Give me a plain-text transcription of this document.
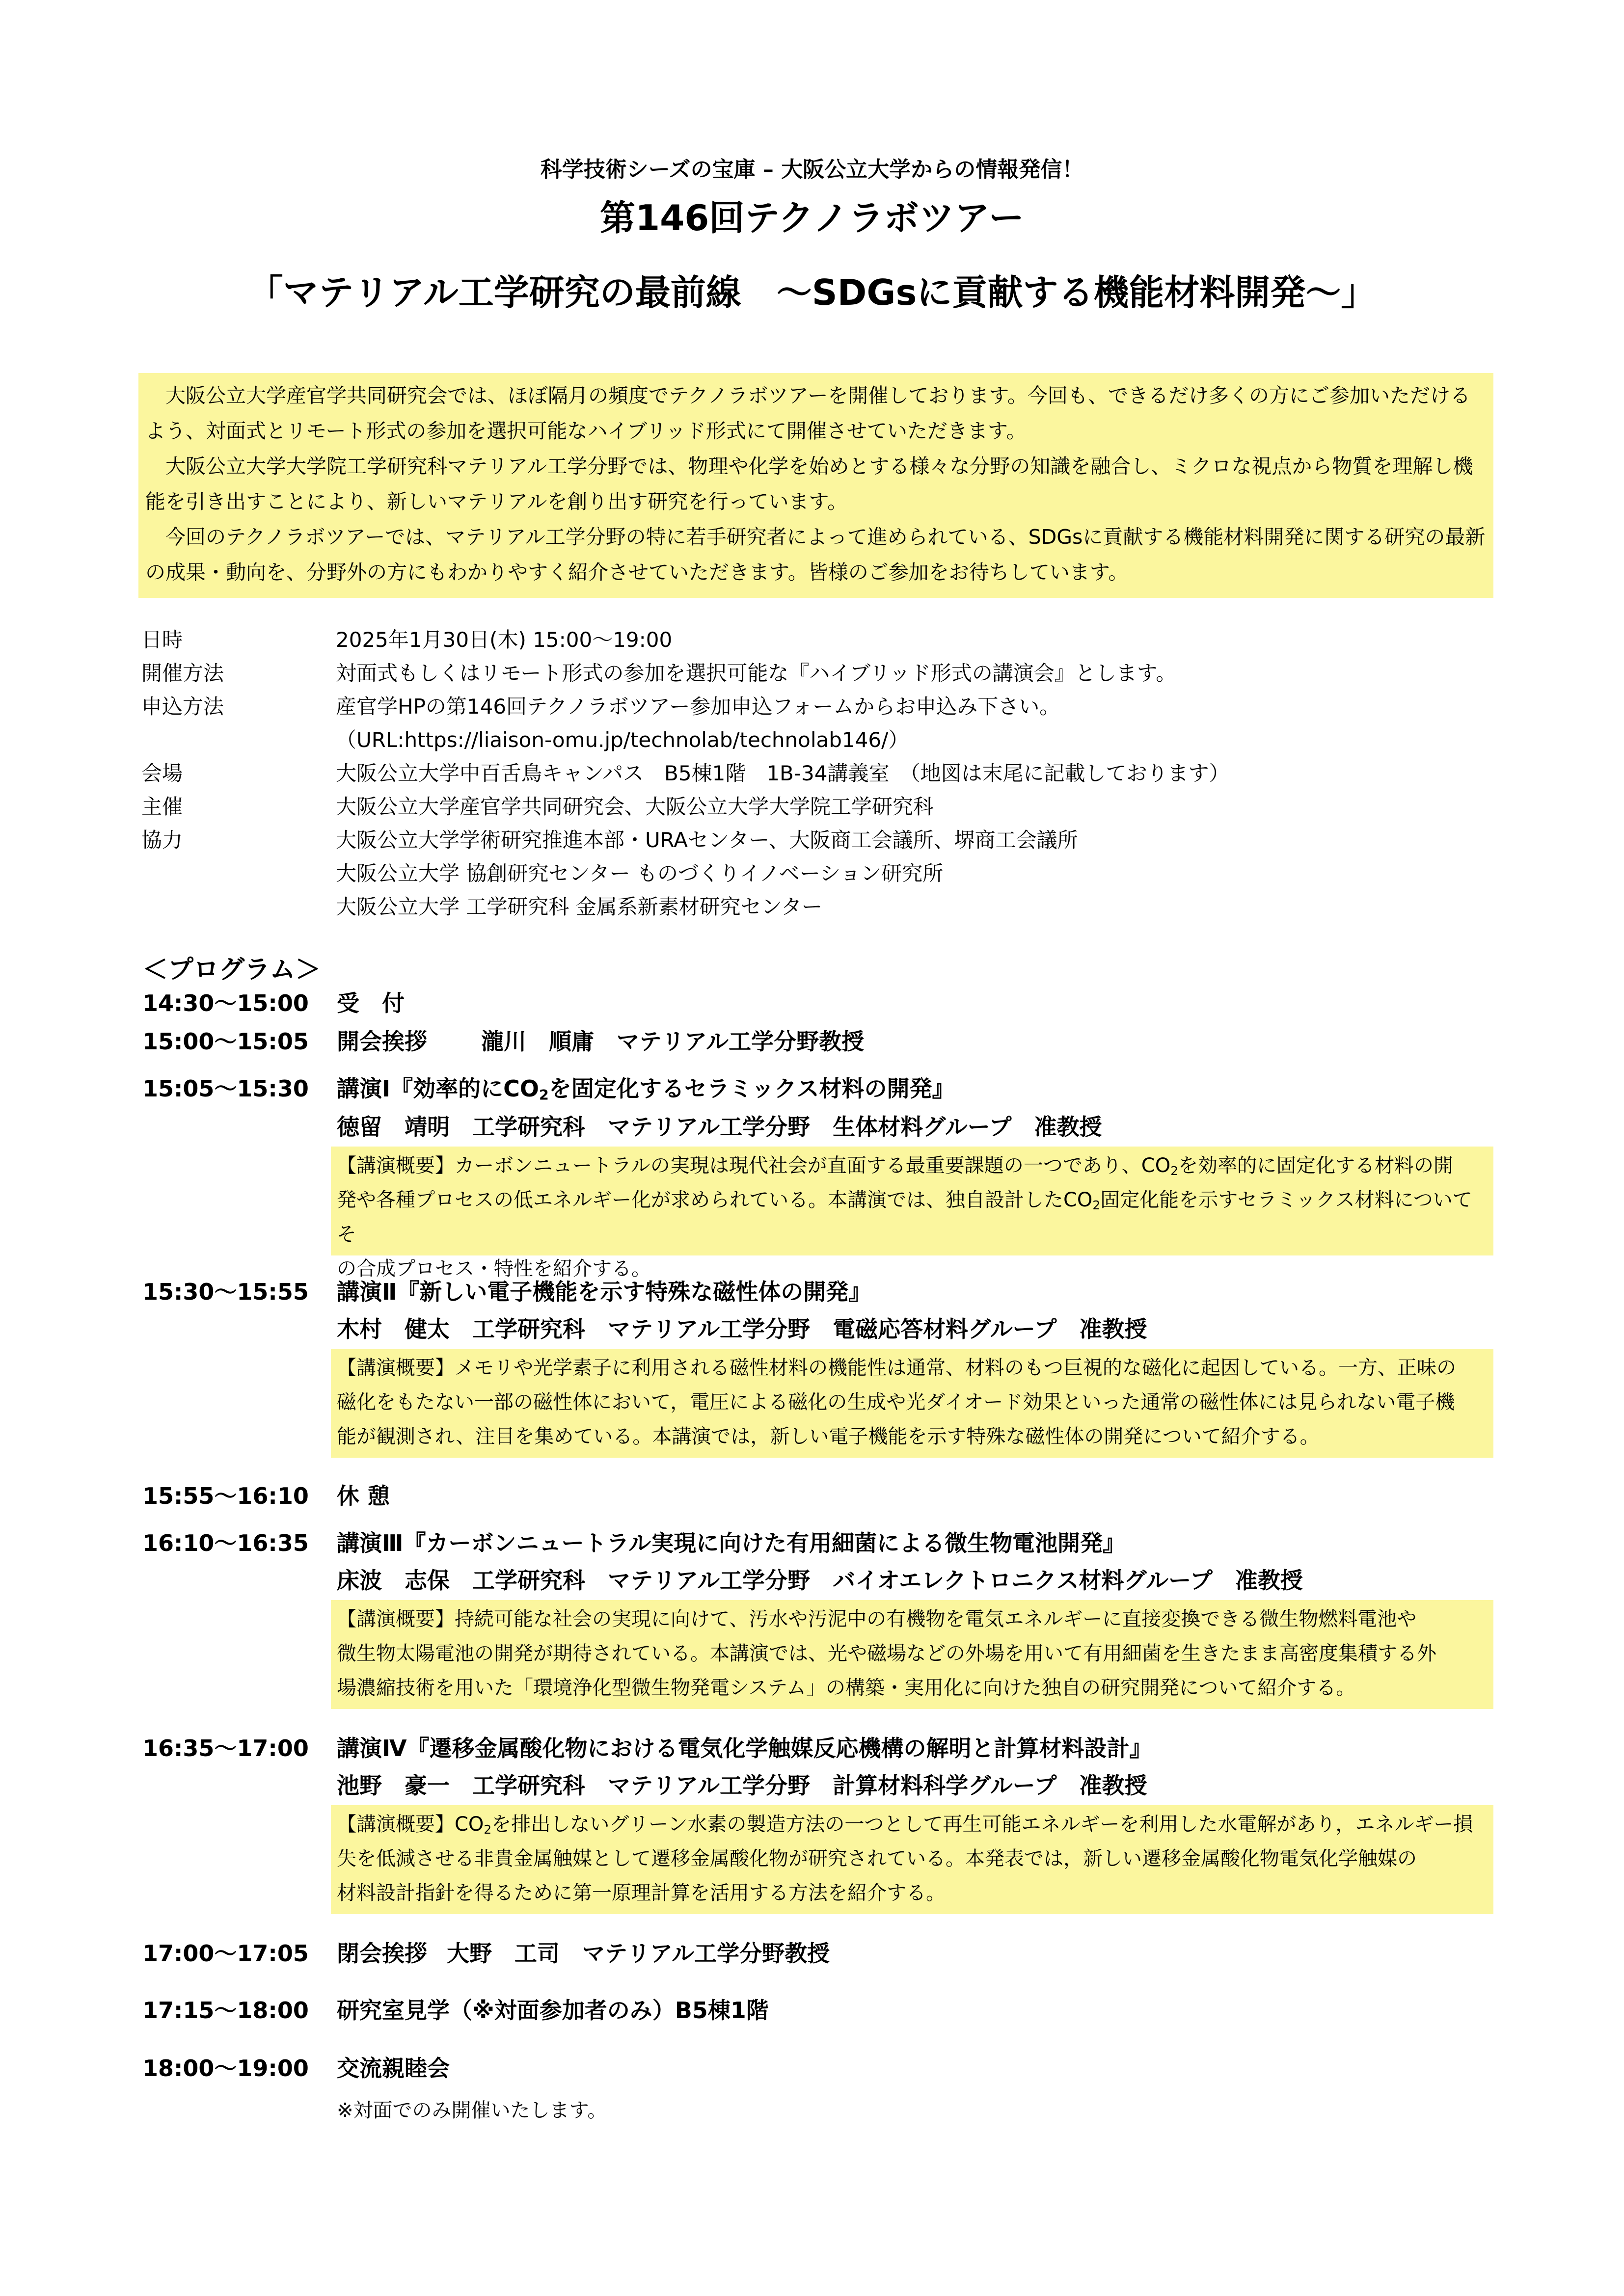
科学技術シーズの宝庫 – 大阪公立大学からの情報発信！
第146回テクノラボツアー
「マテリアル工学研究の最前線　～SDGsに貢献する機能材料開発～」

大阪公立大学産官学共同研究会では、ほぼ隔月の頻度でテクノラボツアーを開催しております。今回も、できるだけ多くの方にご参加いただけるよう、対面式とリモート形式の参加を選択可能なハイブリッド形式にて開催させていただきます。

大阪公立大学大学院工学研究科マテリアル工学分野では、物理や化学を始めとする様々な分野の知識を融合し、ミクロな視点から物質を理解し機能を引き出すことにより、新しいマテリアルを創り出す研究を行っています。

今回のテクノラボツアーでは、マテリアル工学分野の特に若手研究者によって進められている、SDGsに貢献する機能材料開発に関する研究の最新の成果・動向を、分野外の方にもわかりやすく紹介させていただきます。皆様のご参加をお待ちしています。

日時	2025年1月30日(木) 15:00～19:00
開催方法	対面式もしくはリモート形式の参加を選択可能な『ハイブリッド形式の講演会』とします。
申込方法	産官学HPの第146回テクノラボツアー参加申込フォームからお申込み下さい。
（URL:https://liaison-omu.jp/technolab/technolab146/）
会場	大阪公立大学中百舌鳥キャンパス　B5棟1階　1B-34講義室　（地図は末尾に記載しております）
主催	大阪公立大学産官学共同研究会、大阪公立大学大学院工学研究科
協力	大阪公立大学学術研究推進本部・URAセンター、大阪商工会議所、堺商工会議所
大阪公立大学 協創研究センター ものづくりイノベーション研究所
大阪公立大学 工学研究科 金属系新素材研究センター
＜プログラム＞
14:30～15:00 受　付
15:00～15:05 開会挨拶 瀧川　順庸　マテリアル工学分野教授
15:05～15:30 講演Ⅰ『効率的に$CO_2$を固定化するセラミックス材料の開発』
徳留　靖明　工学研究科　マテリアル工学分野　生体材料グループ　准教授

【講演概要】カーボンニュートラルの実現は現代社会が直面する最重要課題の一つであり、$CO_2$を効率的に固定化する材料の開

発や各種プロセスの低エネルギー化が求められている。本講演では、独自設計した$CO_2$固定化能を示すセラミックス材料についてそ

の合成プロセス・特性を紹介する。

15:30～15:55 講演Ⅱ『新しい電子機能を示す特殊な磁性体の開発』
木村　健太　工学研究科　マテリアル工学分野　電磁応答材料グループ　准教授

【講演概要】メモリや光学素子に利用される磁性材料の機能性は通常、材料のもつ巨視的な磁化に起因している。一方、正味の

磁化をもたない一部の磁性体において，電圧による磁化の生成や光ダイオード効果といった通常の磁性体には見られない電子機

能が観測され、注目を集めている。本講演では，新しい電子機能を示す特殊な磁性体の開発について紹介する。

15:55～16:10 休 憩
16:10～16:35 講演Ⅲ『カーボンニュートラル実現に向けた有用細菌による微生物電池開発』
床波　志保　工学研究科　マテリアル工学分野　バイオエレクトロニクス材料グループ　准教授

【講演概要】持続可能な社会の実現に向けて、汚水や汚泥中の有機物を電気エネルギーに直接変換できる微生物燃料電池や

微生物太陽電池の開発が期待されている。本講演では、光や磁場などの外場を用いて有用細菌を生きたまま高密度集積する外

場濃縮技術を用いた「環境浄化型微生物発電システム」の構築・実用化に向けた独自の研究開発について紹介する。

16:35～17:00 講演Ⅳ『遷移金属酸化物における電気化学触媒反応機構の解明と計算材料設計』
池野　豪一　工学研究科　マテリアル工学分野　計算材料科学グループ　准教授

【講演概要】$CO_2$を排出しないグリーン水素の製造方法の一つとして再生可能エネルギーを利用した水電解があり，エネルギー損

失を低減させる非貴金属触媒として遷移金属酸化物が研究されている。本発表では，新しい遷移金属酸化物電気化学触媒の

材料設計指針を得るために第一原理計算を活用する方法を紹介する。

17:00～17:05 閉会挨拶 大野　工司　マテリアル工学分野教授
17:15～18:00 研究室見学（※対面参加者のみ）B5棟1階
18:00～19:00 交流親睦会
※対面でのみ開催いたします。
